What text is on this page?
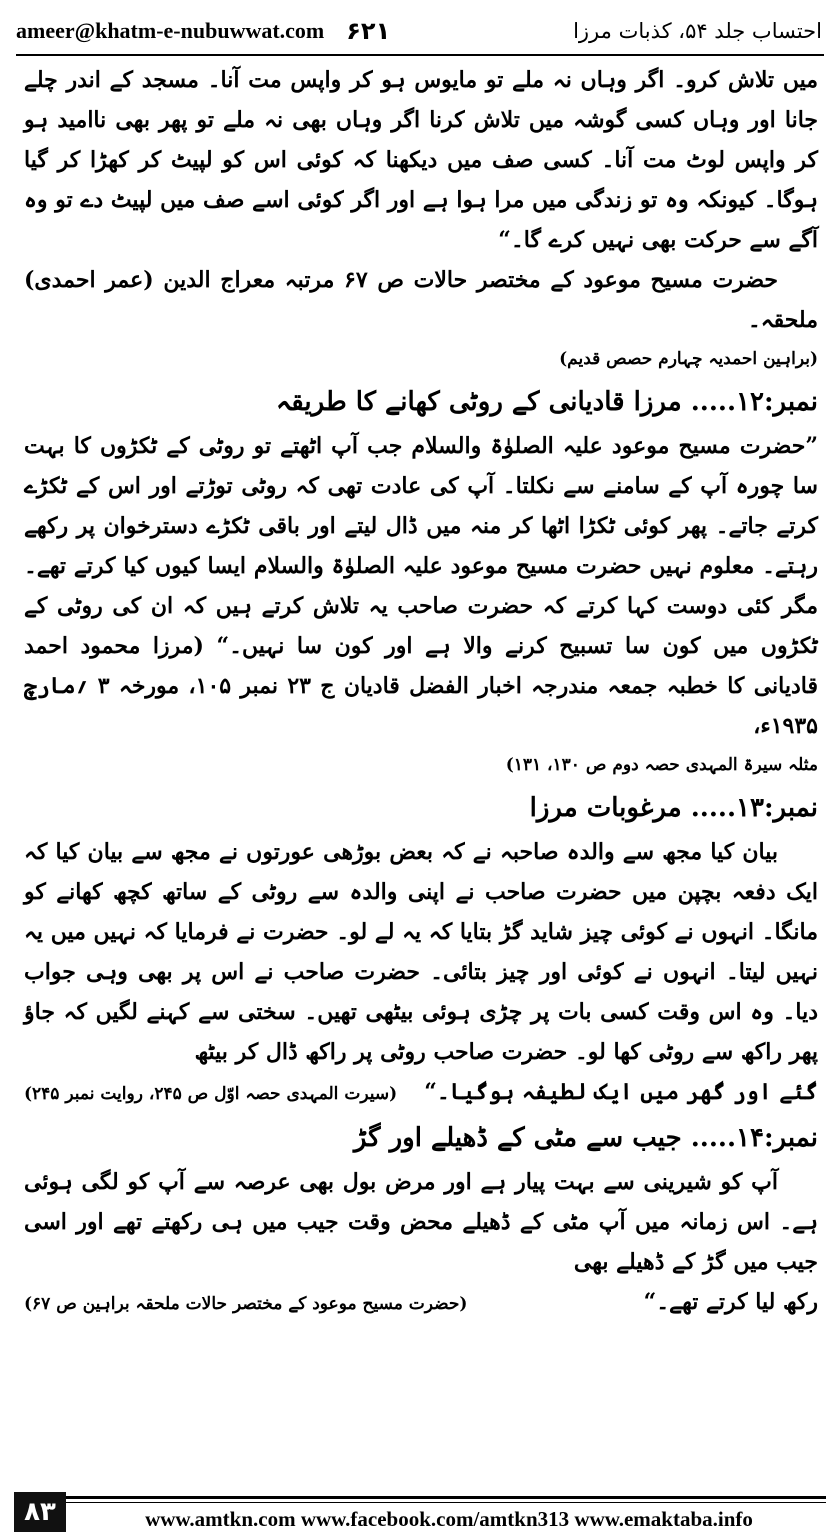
ameer@khatm-e-nubuwwat.com ۶۲۱	احتساب جلد ۵۴، کذبات مرزا

میں تلاش کرو۔ اگر وہاں نہ ملے تو مایوس ہو کر واپس مت آنا۔ مسجد کے اندر چلے جانا اور وہاں کسی گوشہ میں تلاش کرنا اگر وہاں بھی نہ ملے تو پھر بھی ناامید ہو کر واپس لوٹ مت آنا۔ کسی صف میں دیکھنا کہ کوئی اس کو لپیٹ کر کھڑا کر گیا ہوگا۔ کیونکہ وہ تو زندگی میں مرا ہوا ہے اور اگر کوئی اسے صف میں لپیٹ دے تو وہ آگے سے حرکت بھی نہیں کرے گا۔“

حضرت مسیح موعود کے مختصر حالات ص ۶۷ مرتبہ معراج الدین (عمر احمدی) ملحقہ۔

(براہین احمدیہ چہارم حصص قدیم)

نمبر:۱۲..... مرزا قادیانی کے روٹی کھانے کا طریقہ

”حضرت مسیح موعود علیہ الصلوٰۃ والسلام جب آپ اٹھتے تو روٹی کے ٹکڑوں کا بہت سا چورہ آپ کے سامنے سے نکلتا۔ آپ کی عادت تھی کہ روٹی توڑتے اور اس کے ٹکڑے کرتے جاتے۔ پھر کوئی ٹکڑا اٹھا کر منہ میں ڈال لیتے اور باقی ٹکڑے دسترخوان پر رکھے رہتے۔ معلوم نہیں حضرت مسیح موعود علیہ الصلوٰۃ والسلام ایسا کیوں کیا کرتے تھے۔ مگر کئی دوست کہا کرتے کہ حضرت صاحب یہ تلاش کرتے ہیں کہ ان کی روٹی کے ٹکڑوں میں کون سا تسبیح کرنے والا ہے اور کون سا نہیں۔“ (مرزا محمود احمد قادیانی کا خطبہ جمعہ مندرجہ اخبار الفضل قادیان ج ۲۳ نمبر ۱۰۵، مورخہ ۳ ؍مارچ ۱۹۳۵ء،

مثلہ سیرۃ المہدی حصہ دوم ص ۱۳۰، ۱۳۱)

نمبر:۱۳..... مرغوبات مرزا

بیان کیا مجھ سے والدہ صاحبہ نے کہ بعض بوڑھی عورتوں نے مجھ سے بیان کیا کہ ایک دفعہ بچپن میں حضرت صاحب نے اپنی والدہ سے روٹی کے ساتھ کچھ کھانے کو مانگا۔ انہوں نے کوئی چیز شاید گڑ بتایا کہ یہ لے لو۔ حضرت نے فرمایا کہ نہیں میں یہ نہیں لیتا۔ انہوں نے کوئی اور چیز بتائی۔ حضرت صاحب نے اس پر بھی وہی جواب دیا۔ وہ اس وقت کسی بات پر چڑی ہوئی بیٹھی تھیں۔ سختی سے کہنے لگیں کہ جاؤ پھر راکھ سے روٹی کھا لو۔ حضرت صاحب روٹی پر راکھ ڈال کر بیٹھ

گئے اور گھر میں ایک لطیفہ ہوگیا۔“
(سیرت المہدی حصہ اوّل ص ۲۴۵، روایت نمبر ۲۴۵)

نمبر:۱۴..... جیب سے مٹی کے ڈھیلے اور گڑ

آپ کو شیرینی سے بہت پیار ہے اور مرض بول بھی عرصہ سے آپ کو لگی ہوئی ہے۔ اس زمانہ میں آپ مٹی کے ڈھیلے محض وقت جیب میں ہی رکھتے تھے اور اسی جیب میں گڑ کے ڈھیلے بھی

رکھ لیا کرتے تھے۔“
(حضرت مسیح موعود کے مختصر حالات ملحقہ براہین ص ۶۷)
۸۳	www.amtkn.com www.facebook.com/amtkn313 www.emaktaba.info
